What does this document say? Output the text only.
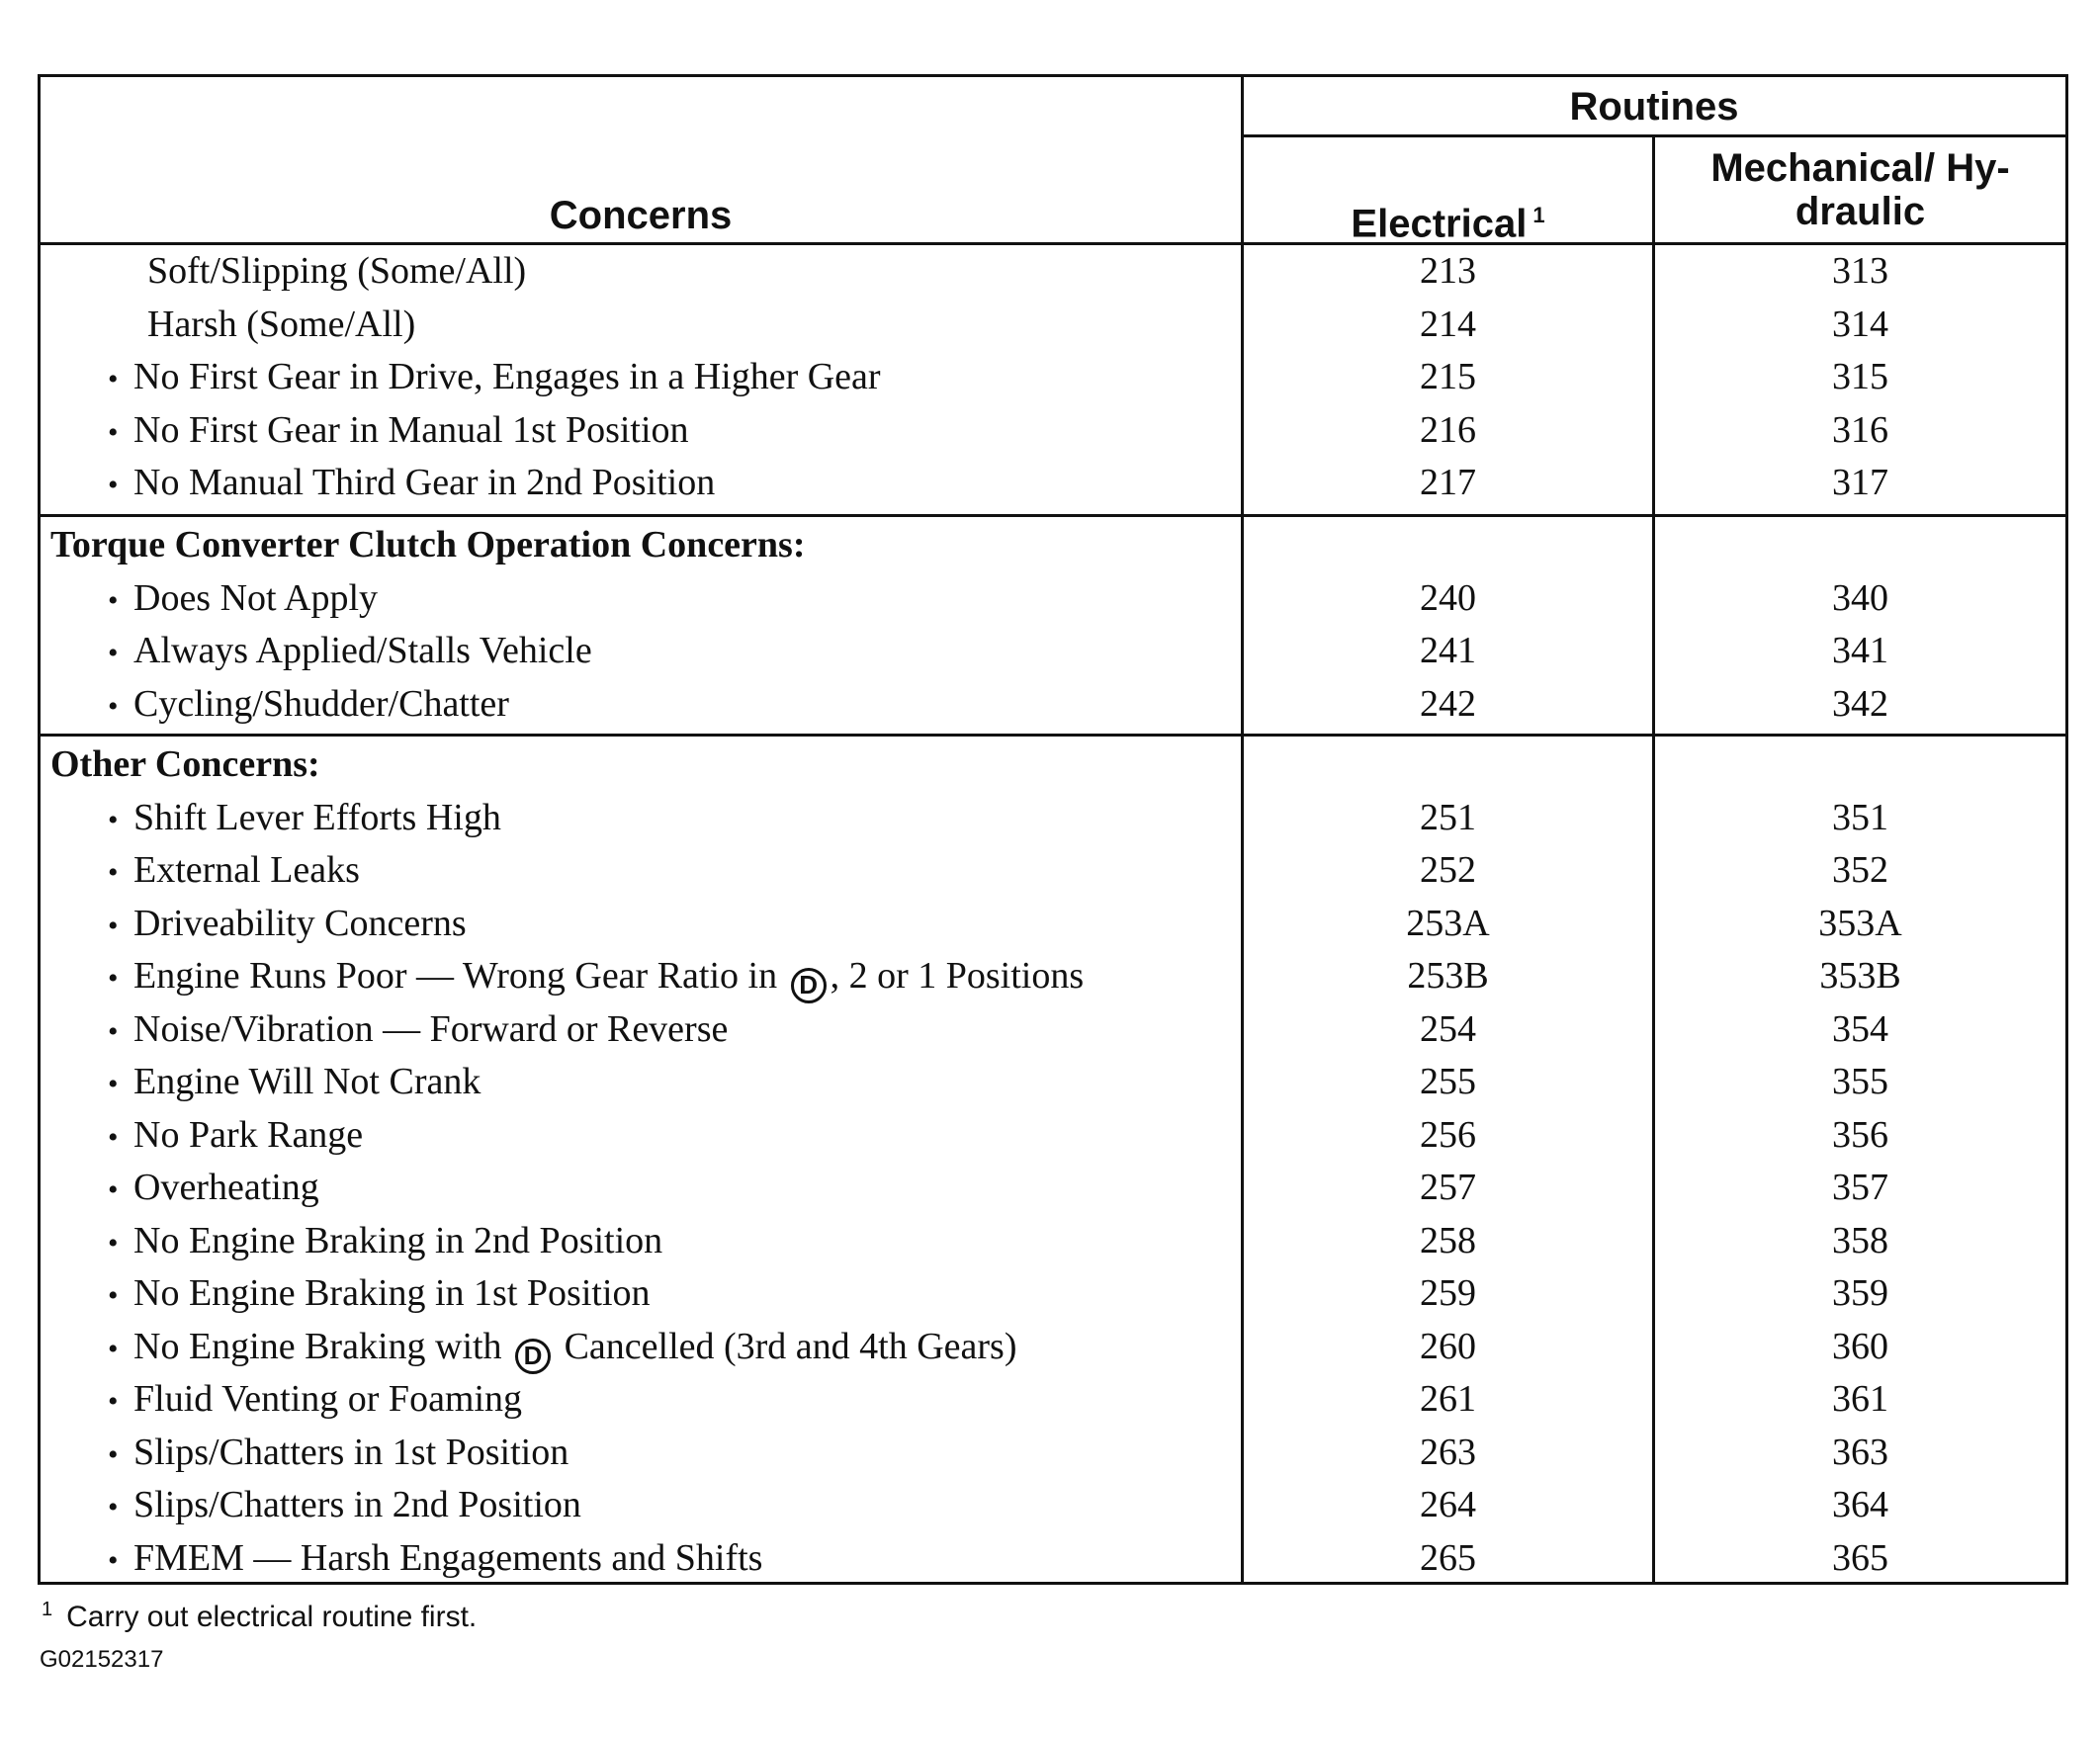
Concerns
Routines
Electrical $^1$
Mechanical/ Hy-
draulic
Soft/Slipping (Some/All)	213	313
Harsh (Some/All)	214	314
• No First Gear in Drive, Engages in a Higher Gear	215	315
• No First Gear in Manual 1st Position	216	316
• No Manual Third Gear in 2nd Position	217	317
Torque Converter Clutch Operation Concerns:
• Does Not Apply	240	340
• Always Applied/Stalls Vehicle	241	341
• Cycling/Shudder/Chatter	242	342
Other Concerns:
• Shift Lever Efforts High	251	351
• External Leaks	252	352
• Driveability Concerns	253A	353A
• Engine Runs Poor — Wrong Gear Ratio in D , 2 or 1 Positions	253B	353B
• Noise/Vibration — Forward or Reverse	254	354
• Engine Will Not Crank	255	355
• No Park Range	256	356
• Overheating	257	357
• No Engine Braking in 2nd Position	258	358
• No Engine Braking in 1st Position	259	359
• No Engine Braking with D Cancelled (3rd and 4th Gears)	260	360
• Fluid Venting or Foaming	261	361
• Slips/Chatters in 1st Position	263	363
• Slips/Chatters in 2nd Position	264	364
• FMEM — Harsh Engagements and Shifts	265	365
$^1$ Carry out electrical routine first.
G02152317
